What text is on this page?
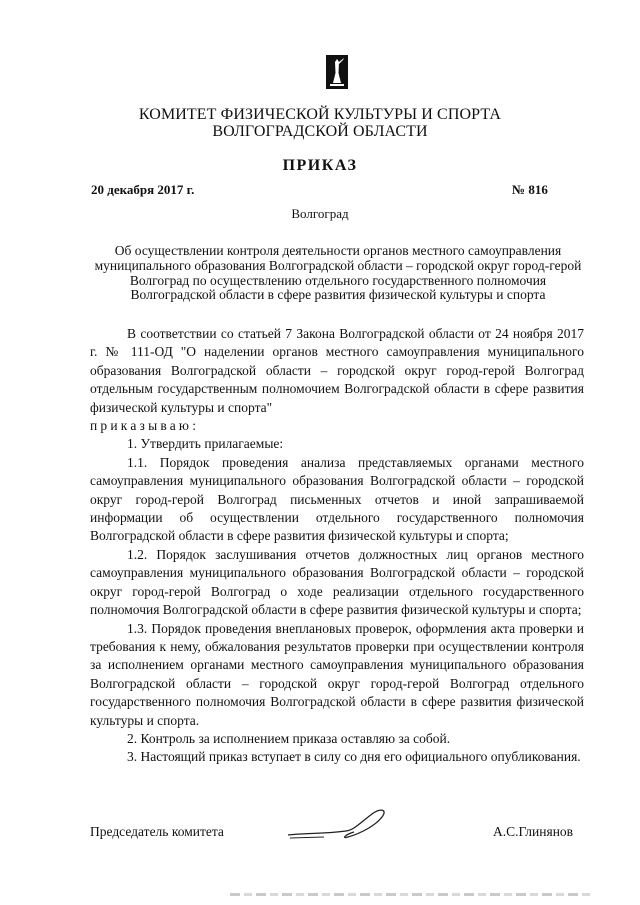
КОМИТЕТ ФИЗИЧЕСКОЙ КУЛЬТУРЫ И СПОРТА
ВОЛГОГРАДСКОЙ ОБЛАСТИ
ПРИКАЗ
20 декабря 2017 г.	№ 816
Волгоград
Об осуществлении контроля деятельности органов местного самоуправления муниципального образования Волгоградской области – городской округ город-герой Волгоград по осуществлению отдельного государственного полномочия Волгоградской области в сфере развития физической культуры и спорта

В соответствии со статьей 7 Закона Волгоградской области от 24 ноября 2017 г. № 111-ОД "О наделении органов местного самоуправления муниципального образования Волгоградской области – городской округ город-герой Волгоград отдельным государственным полномочием Волгоградской области в сфере развития физической культуры и спорта"

приказываю:

1. Утвердить прилагаемые:

1.1. Порядок проведения анализа представляемых органами местного самоуправления муниципального образования Волгоградской области – городской округ город-герой Волгоград письменных отчетов и иной запрашиваемой информации об осуществлении отдельного государственного полномочия Волгоградской области в сфере развития физической культуры и спорта;

1.2. Порядок заслушивания отчетов должностных лиц органов местного самоуправления муниципального образования Волгоградской области – городской округ город-герой Волгоград о ходе реализации отдельного государственного полномочия Волгоградской области в сфере развития физической культуры и спорта;

1.3. Порядок проведения внеплановых проверок, оформления акта проверки и требования к нему, обжалования результатов проверки при осуществлении контроля за исполнением органами местного самоуправления муниципального образования Волгоградской области – городской округ город-герой Волгоград отдельного государственного полномочия Волгоградской области в сфере развития физической культуры и спорта.

2. Контроль за исполнением приказа оставляю за собой.

3. Настоящий приказ вступает в силу со дня его официального опубликования.

Председатель комитета	А.С.Глинянов
